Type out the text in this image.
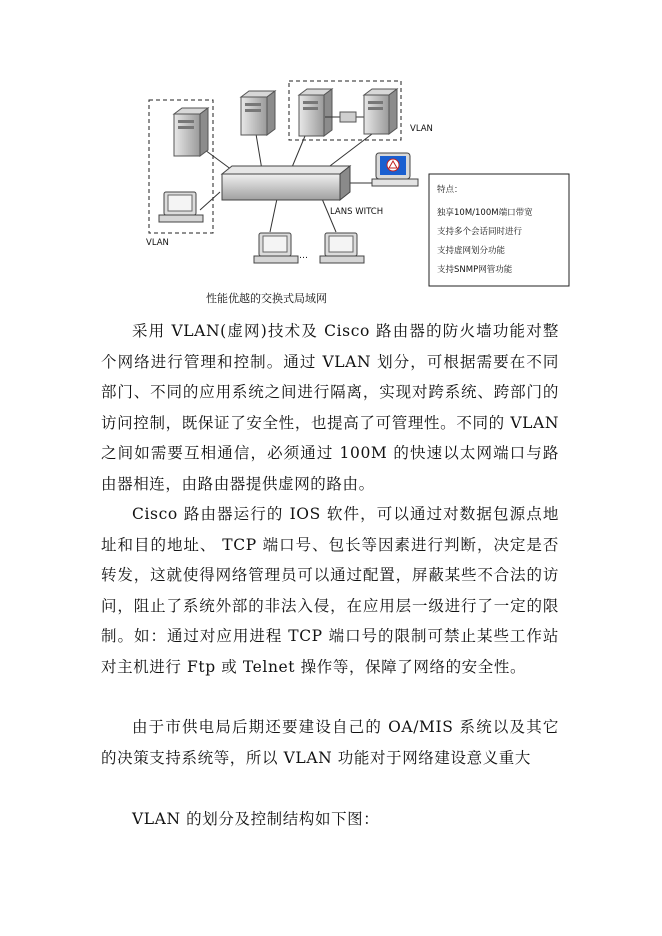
VLAN
VLAN
LANS WITCH
…
特点：
独享10M/100M端口带宽
支持多个会话同时进行
支持虚网划分功能
支持SNMP网管功能
性能优越的交换式局域网

采用 VLAN(虚网)技术及 Cisco 路由器的防火墙功能对整个网络进行管理和控制。通过 VLAN 划分，可根据需要在不同部门、不同的应用系统之间进行隔离，实现对跨系统、跨部门的访问控制，既保证了安全性，也提高了可管理性。不同的 VLAN 之间如需要互相通信，必须通过 100M 的快速以太网端口与路由器相连，由路由器提供虚网的路由。

Cisco 路由器运行的 IOS 软件，可以通过对数据包源点地址和目的地址、 TCP 端口号、包长等因素进行判断，决定是否转发，这就使得网络管理员可以通过配置，屏蔽某些不合法的访问，阻止了系统外部的非法入侵，在应用层一级进行了一定的限制。如：通过对应用进程 TCP 端口号的限制可禁止某些工作站对主机进行 Ftp 或 Telnet 操作等，保障了网络的安全性。

由于市供电局后期还要建设自己的 OA/MIS 系统以及其它的决策支持系统等，所以 VLAN 功能对于网络建设意义重大

VLAN 的划分及控制结构如下图：
